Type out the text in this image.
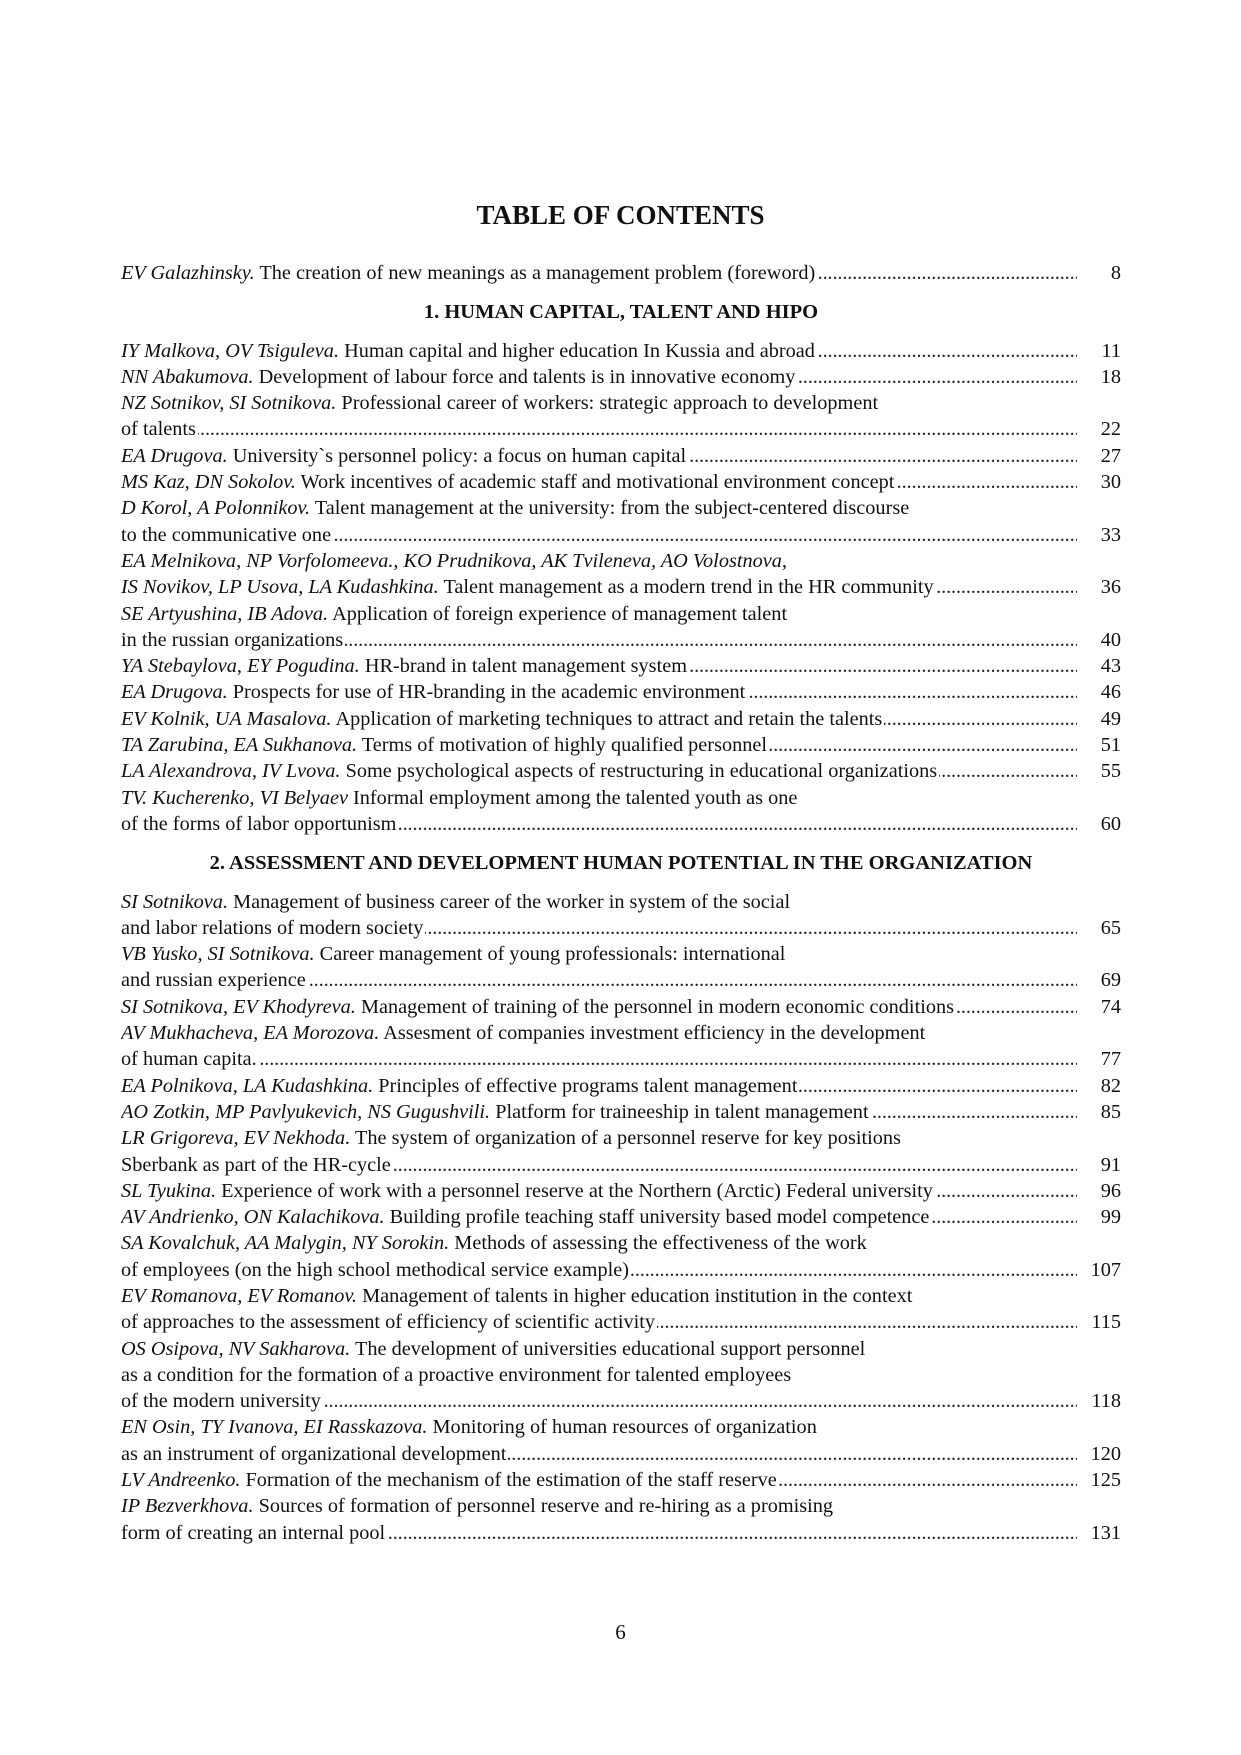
TABLE OF CONTENTS
. . . EV Galazhinsky. The creation of new meanings as a management problem (foreword)	8
1. HUMAN CAPITAL, TALENT AND HIPO
. . . IY Malkova, OV Tsiguleva. Human capital and higher education In Kussia and abroad	11
. . . NN Abakumova. Development of labour force and talents is in innovative economy	18
NZ Sotnikov, SI Sotnikova. Professional career of workers: strategic approach to development
. . . of talents	22
. . . EA Drugova. University`s personnel policy: a focus on human capital	27
. . . MS Kaz, DN Sokolov. Work incentives of academic staff and motivational environment concept	30
D Korol, A Polonnikov. Talent management at the university: from the subject-centered discourse
. . . to the communicative one	33
EA Melnikova, NP Vorfolomeeva., KO Prudnikova, AK Tvileneva, AO Volostnova,
. . . IS Novikov, LP Usova, LA Kudashkina. Talent management as a modern trend in the HR community	36
SE Artyushina, IB Adova. Application of foreign experience of management talent
. . . in the russian organizations	40
. . . YA Stebaylova, EY Pogudina. HR-brand in talent management system	43
. . . EA Drugova. Prospects for use of HR-branding in the academic environment	46
. . . EV Kolnik, UA Masalova. Application of marketing techniques to attract and retain the talents	49
. . . TA Zarubina, EA Sukhanova. Terms of motivation of highly qualified personnel	51
. . . LA Alexandrova, IV Lvova. Some psychological aspects of restructuring in educational organizations	55
TV. Kucherenko, VI Belyaev Informal employment among the talented youth as one
. . . of the forms of labor opportunism	60
2. ASSESSMENT AND DEVELOPMENT HUMAN POTENTIAL IN THE ORGANIZATION
SI Sotnikova. Management of business career of the worker in system of the social
. . . and labor relations of modern society	65
VB Yusko, SI Sotnikova. Career management of young professionals: international
. . . and russian experience	69
. . . SI Sotnikova, EV Khodyreva. Management of training of the personnel in modern economic conditions	74
AV Mukhacheva, EA Morozova. Assesment of companies investment efficiency in the development
. . . of human capita.	77
. . . EA Polnikova, LA Kudashkina. Principles of effective programs talent management	82
. . . AO Zotkin, MP Pavlyukevich, NS Gugushvili. Platform for traineeship in talent management	85
LR Grigoreva, EV Nekhoda. The system of organization of a personnel reserve for key positions
. . . Sberbank as part of the HR-cycle	91
. . . SL Tyukina. Experience of work with a personnel reserve at the Northern (Arctic) Federal university	96
. . . AV Andrienko, ON Kalachikova. Building profile teaching staff university based model competence	99
SA Kovalchuk, AA Malygin, NY Sorokin. Methods of assessing the effectiveness of the work
. . . of employees (on the high school methodical service example)	107
EV Romanova, EV Romanov. Management of talents in higher education institution in the context
. . . of approaches to the assessment of efficiency of scientific activity	115
OS Osipova, NV Sakharova. The development of universities educational support personnel
as a condition for the formation of a proactive environment for talented employees
. . . of the modern university	118
EN Osin, TY Ivanova, EI Rasskazova. Monitoring of human resources of organization
. . . as an instrument of organizational development	120
. . . LV Andreenko. Formation of the mechanism of the estimation of the staff reserve	125
IP Bezverkhova. Sources of formation of personnel reserve and re-hiring as a promising
. . . form of creating an internal pool	131
6
